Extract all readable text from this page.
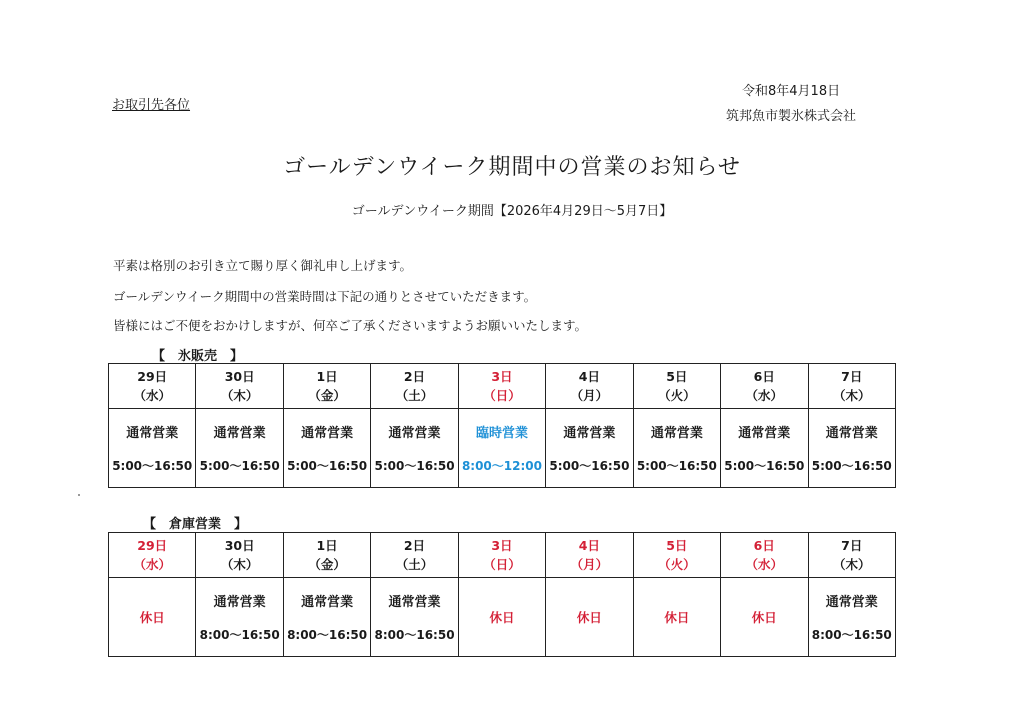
お取引先各位
令和8年4月18日
筑邦魚市製氷株式会社
ゴールデンウイーク期間中の営業のお知らせ
ゴールデンウイーク期間【2026年4月29日～5月7日】
平素は格別のお引き立て賜り厚く御礼申し上げます。
ゴールデンウイーク期間中の営業時間は下記の通りとさせていただきます。
皆様にはご不便をおかけしますが、何卒ご了承くださいますようお願いいたします。
【　氷販売　】
29日
（水）	30日
（木）	1日
（金）	2日
（土）	3日
（日）	4日
（月）	5日
（火）	6日
（水）	7日
（木）

通常営業
5:00～16:50	通常営業
5:00～16:50	通常営業
5:00～16:50	通常営業
5:00～16:50	臨時営業
8:00～12:00	通常営業
5:00～16:50	通常営業
5:00～16:50	通常営業
5:00～16:50	通常営業
5:00～16:50
【　倉庫営業　】
29日
（水）	30日
（木）	1日
（金）	2日
（土）	3日
（日）	4日
（月）	5日
（火）	6日
（水）	7日
（木）

休日	通常営業
8:00～16:50	通常営業
8:00～16:50	通常営業
8:00～16:50	休日	休日	休日	休日	通常営業
8:00～16:50
